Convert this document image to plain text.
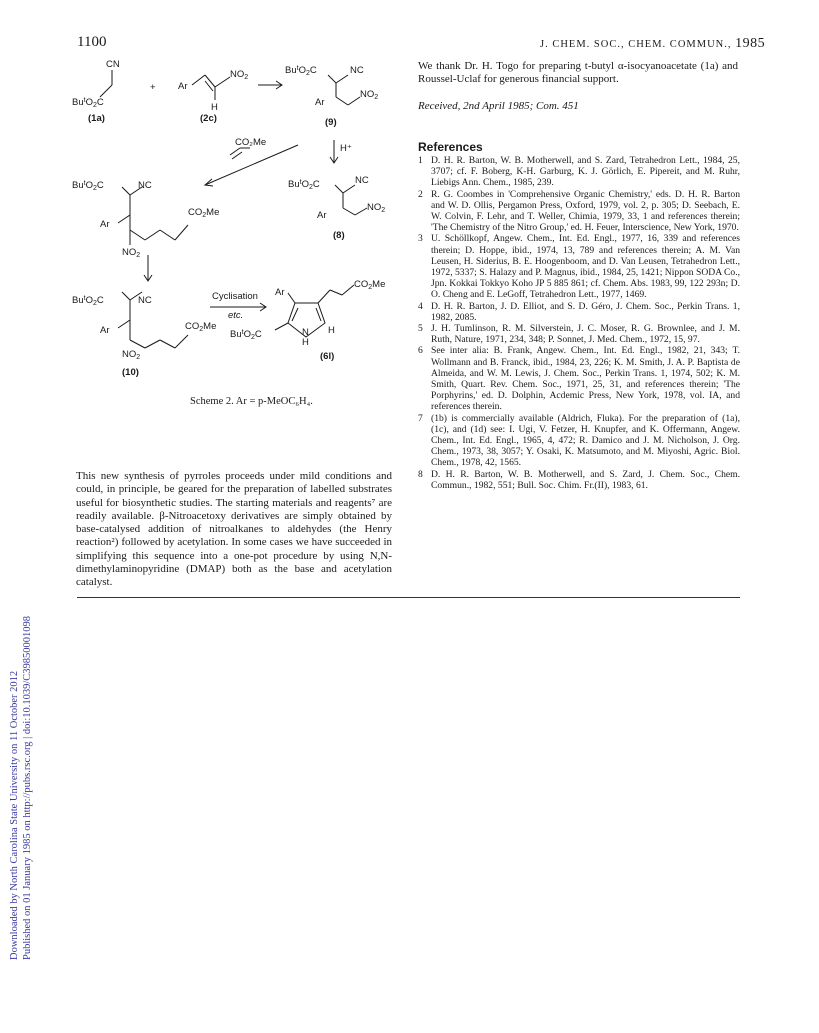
1100	J. CHEM. SOC., CHEM. COMMUN., 1985
Downloaded by North Carolina State University on 11 October 2012 Published on 01 January 1985 on http://pubs.rsc.org | doi:10.1039/C39850001098
CN
$Bu^tO_2C$
(1a)
+ Ar
$NO_2$
H
(2c)
$Bu^tO_2C$	NC
$NO_2$
Ar
(9)
CO₂Me
H⁺
$Bu^tO_2C$	NC
$NO_2$
Ar
(8)
$Bu^tO_2C$	NC
$CO_2Me$
Ar
$NO_2$
$Bu^tO_2C$	NC
$CO_2Me$
Ar
$NO_2$
(10)
Cyclisation
etc.
Ar
$CO_2Me$
$Bu^tO_2C$	N
H
H
(6l)
Scheme 2. Ar = p-MeOC₆H₄.

This new synthesis of pyrroles proceeds under mild conditions and could, in principle, be geared for the preparation of labelled substrates useful for biosynthetic studies. The starting materials and reagents⁷ are readily available. β-Nitroacetoxy derivatives are simply obtained by base-catalysed addition of nitroalkanes to aldehydes (the Henry reaction²) followed by acetylation. In some cases we have succeeded in simplifying this sequence into a one-pot procedure by using N,N-dimethylaminopyridine (DMAP) both as the base and acetylation catalyst.

We thank Dr. H. Togo for preparing t-butyl α-isocyanoacetate (1a) and Roussel-Uclaf for generous financial support.

Received, 2nd April 1985; Com. 451
References

1 D. H. R. Barton, W. B. Motherwell, and S. Zard, Tetrahedron Lett., 1984, 25, 3707; cf. F. Boberg, K-H. Garburg, K. J. Görlich, E. Pipereit, and M. Ruhr, Liebigs Ann. Chem., 1985, 239.

2 R. G. Coombes in 'Comprehensive Organic Chemistry,' eds. D. H. R. Barton and W. D. Ollis, Pergamon Press, Oxford, 1979, vol. 2, p. 305; D. Seebach, E. W. Colvin, F. Lehr, and T. Weller, Chimia, 1979, 33, 1 and references therein; 'The Chemistry of the Nitro Group,' ed. H. Feuer, Interscience, New York, 1970.

3 U. Schöllkopf, Angew. Chem., Int. Ed. Engl., 1977, 16, 339 and references therein; D. Hoppe, ibid., 1974, 13, 789 and references therein; A. M. Van Leusen, H. Siderius, B. E. Hoogenboom, and D. Van Leusen, Tetrahedron Lett., 1972, 5337; S. Halazy and P. Magnus, ibid., 1984, 25, 1421; Nippon SODA Co., Jpn. Kokkai Tokkyo Koho JP 5 885 861; cf. Chem. Abs. 1983, 99, 122 293n; D. O. Cheng and E. LeGoff, Tetrahedron Lett., 1977, 1469.

4 D. H. R. Barton, J. D. Elliot, and S. D. Géro, J. Chem. Soc., Perkin Trans. 1, 1982, 2085.

5 J. H. Tumlinson, R. M. Silverstein, J. C. Moser, R. G. Brownlee, and J. M. Ruth, Nature, 1971, 234, 348; P. Sonnet, J. Med. Chem., 1972, 15, 97.

6 See inter alia: B. Frank, Angew. Chem., Int. Ed. Engl., 1982, 21, 343; T. Wollmann and B. Franck, ibid., 1984, 23, 226; K. M. Smith, J. A. P. Baptista de Almeida, and W. M. Lewis, J. Chem. Soc., Perkin Trans. 1, 1974, 502; K. M. Smith, Quart. Rev. Chem. Soc., 1971, 25, 31, and references therein; 'The Porphyrins,' ed. D. Dolphin, Acdemic Press, New York, 1978, vol. IA, and references therein.

7 (1b) is commercially available (Aldrich, Fluka). For the preparation of (1a), (1c), and (1d) see: I. Ugi, V. Fetzer, H. Knupfer, and K. Offermann, Angew. Chem., Int. Ed. Engl., 1965, 4, 472; R. Damico and J. M. Nicholson, J. Org. Chem., 1973, 38, 3057; Y. Osaki, K. Matsumoto, and M. Miyoshi, Agric. Biol. Chem., 1978, 42, 1565.

8 D. H. R. Barton, W. B. Motherwell, and S. Zard, J. Chem. Soc., Chem. Commun., 1982, 551; Bull. Soc. Chim. Fr.(II), 1983, 61.
